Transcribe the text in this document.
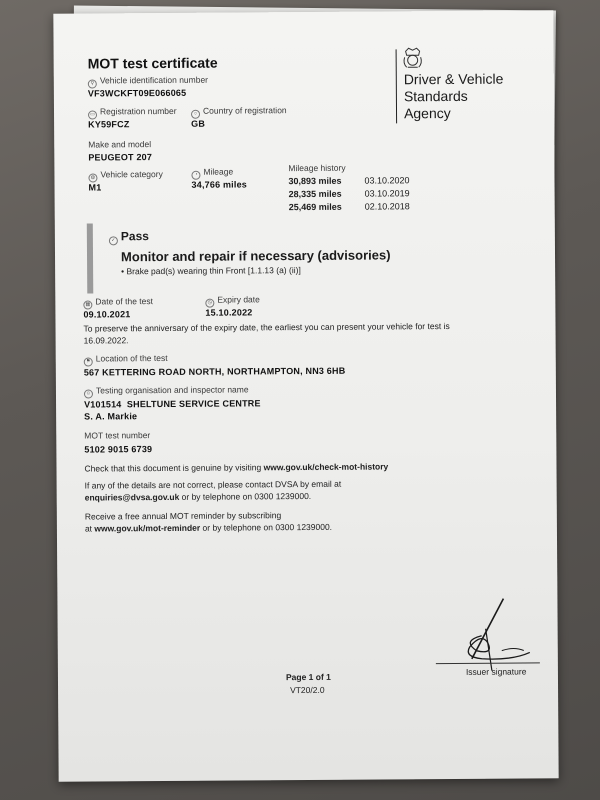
MOT test certificate
Driver & Vehicle
Standards
Agency
⚲ Vehicle identification number
VF3WCKFT09E066065
▭ Registration number
KY59FCZ
○ Country of registration
GB
Make and model
PEUGEOT 207
◍ Vehicle category
M1
◔ Mileage
34,766 miles
Mileage history
30,893 miles	03.10.2020
28,335 miles	03.10.2019
25,469 miles	02.10.2018
✓ Pass
Monitor and repair if necessary (advisories)
• Brake pad(s) wearing thin Front [1.1.13 (a) (ii)]
▦ Date of the test
09.10.2021
◷ Expiry date
15.10.2022
To preserve the anniversary of the expiry date, the earliest you can present your vehicle for test is
16.09.2022.
⚑ Location of the test
567 KETTERING ROAD NORTH, NORTHAMPTON, NN3 6HB
☺ Testing organisation and inspector name
V101514 SHELTUNE SERVICE CENTRE
S. A. Markie
MOT test number
5102 9015 6739
Check that this document is genuine by visiting www.gov.uk/check-mot-history
If any of the details are not correct, please contact DVSA by email at
enquiries@dvsa.gov.uk or by telephone on 0300 1239000.
Receive a free annual MOT reminder by subscribing
at www.gov.uk/mot-reminder or by telephone on 0300 1239000.
Issuer signature
Page 1 of 1
VT20/2.0
